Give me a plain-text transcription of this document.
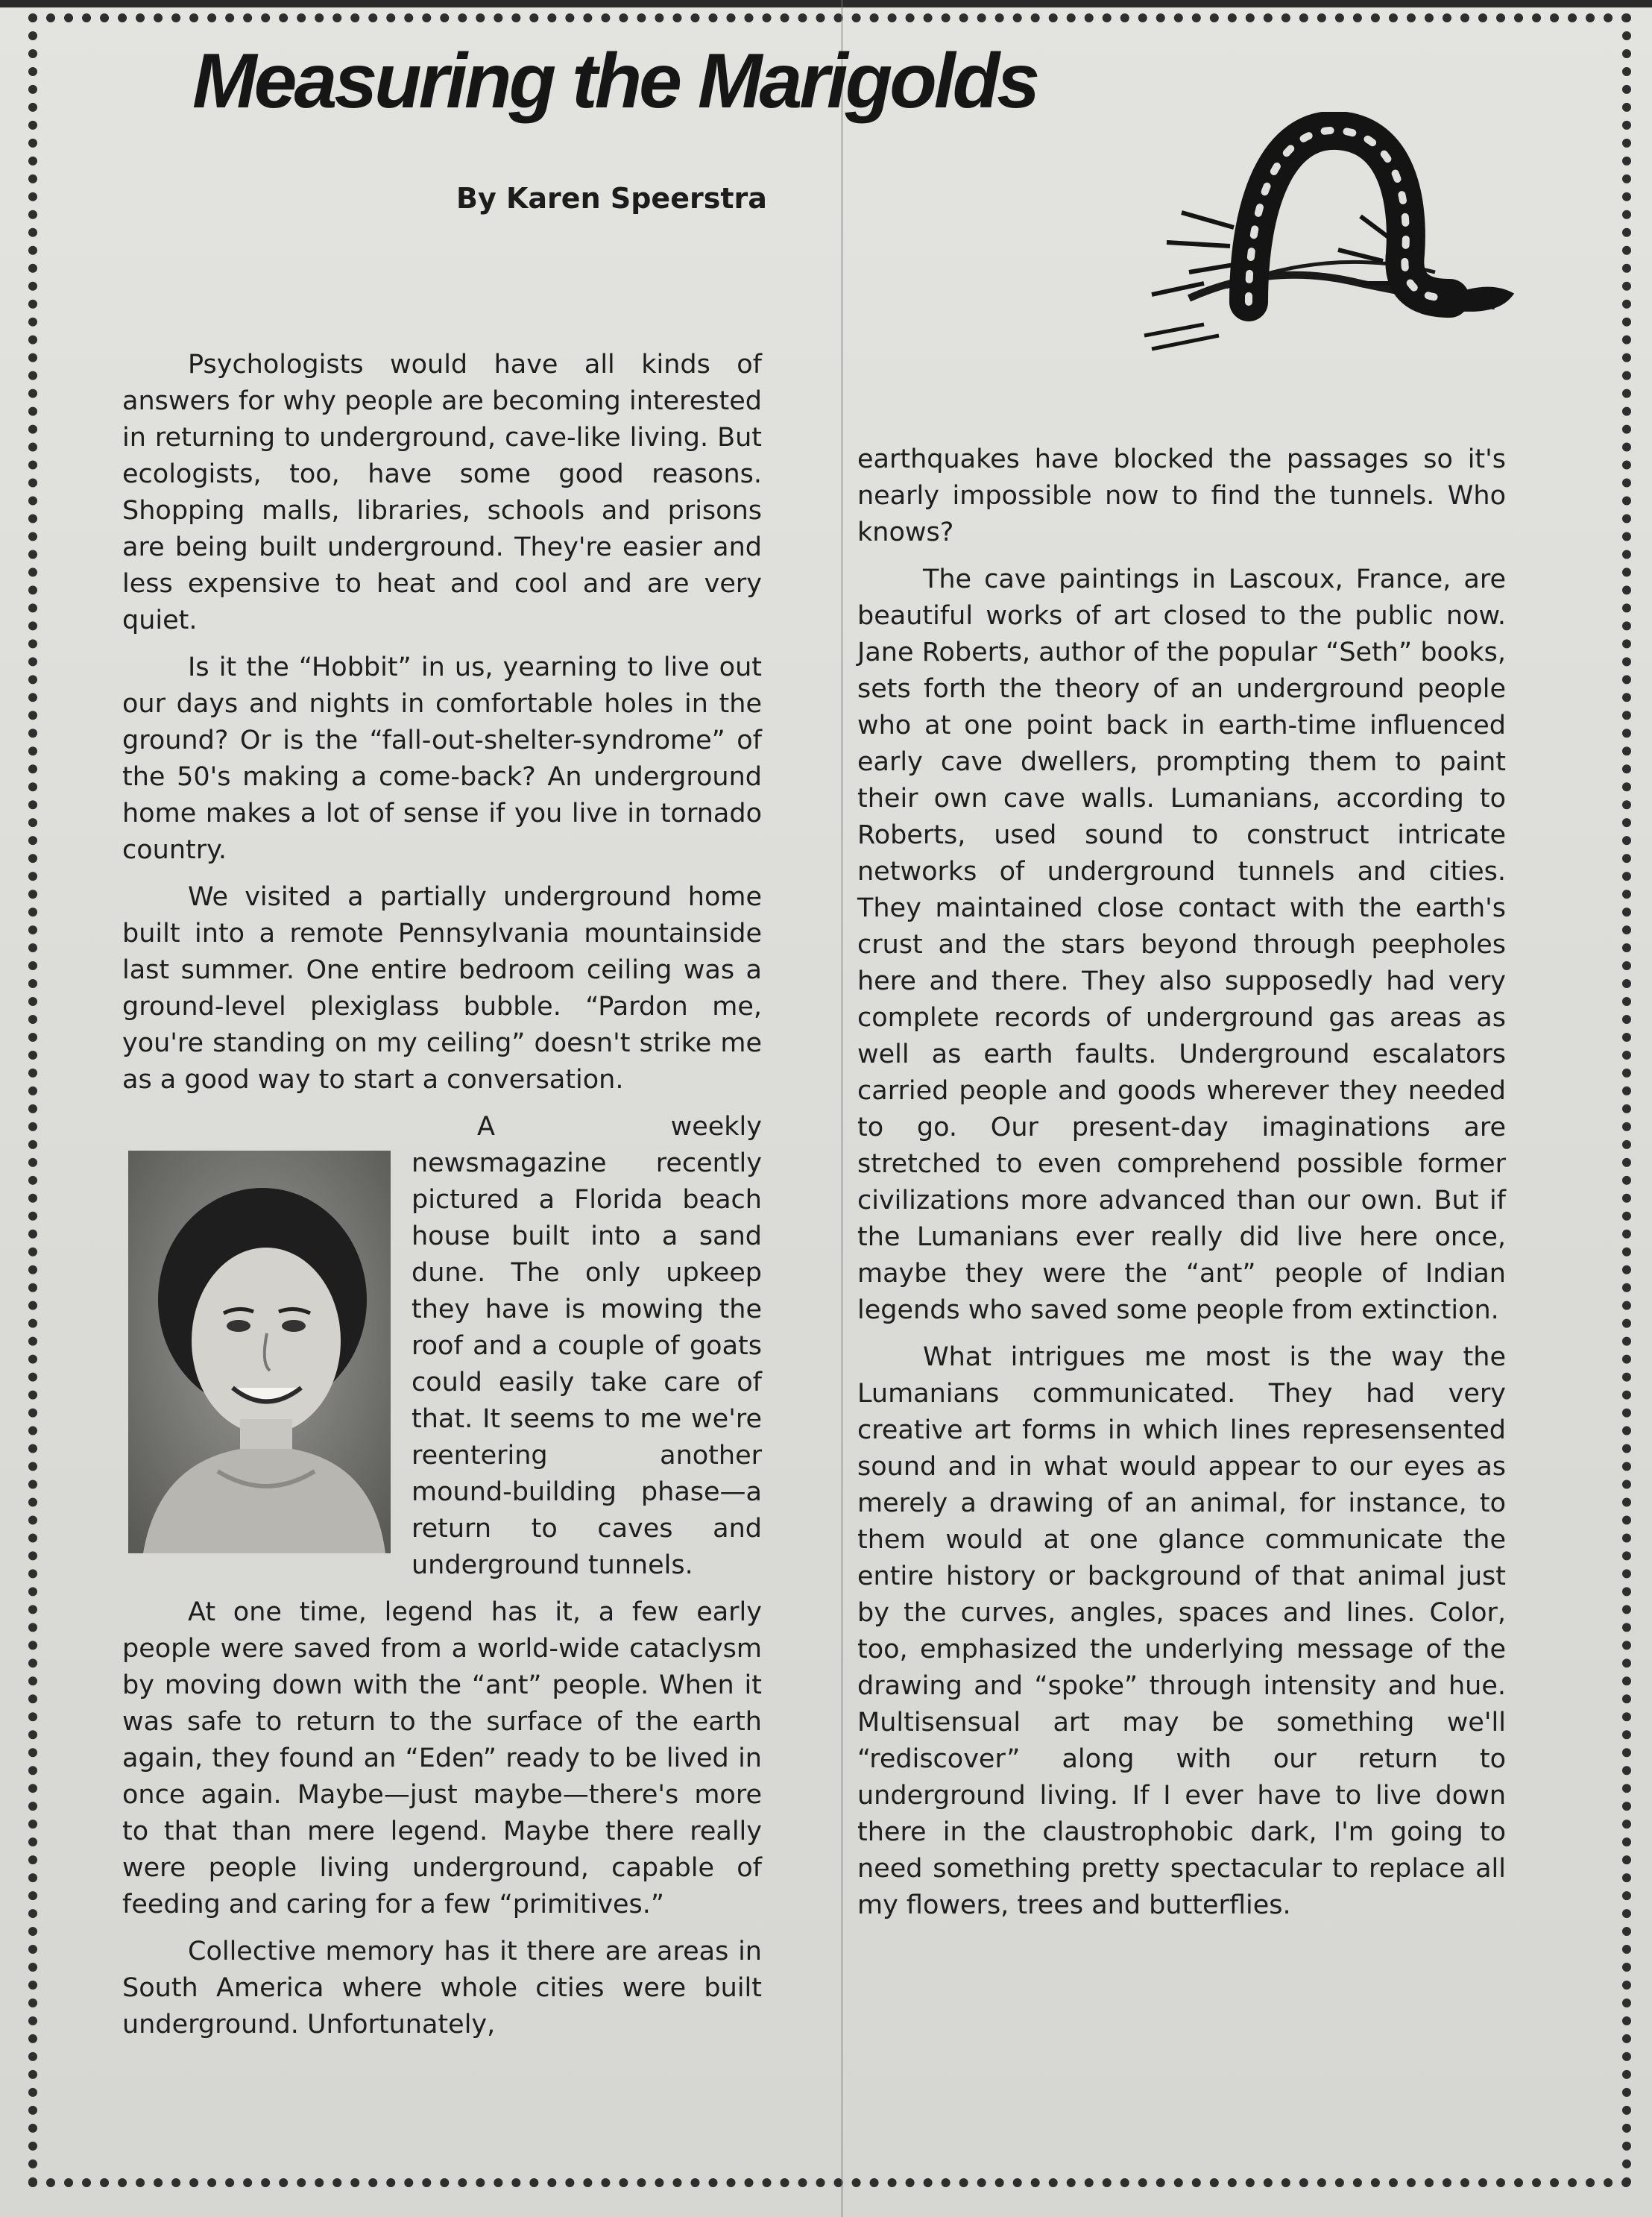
Measuring the Marigolds
By Karen Speerstra

Psychologists would have all kinds of answers for why people are becoming interested in returning to underground, cave-like living. But ecologists, too, have some good reasons. Shopping malls, libraries, schools and prisons are being built underground. They're easier and less expensive to heat and cool and are very quiet.

Is it the “Hobbit” in us, yearning to live out our days and nights in comfortable holes in the ground? Or is the “fall-out-shelter-syndrome” of the 50's making a come-back? An underground home makes a lot of sense if you live in tornado country.

We visited a partially underground home built into a remote Pennsylvania mountainside last summer. One entire bedroom ceiling was a ground-level plexiglass bubble. “Pardon me, you're standing on my ceiling” doesn't strike me as a good way to start a conversation.

A weekly newsmagazine recently pictured a Florida beach house built into a sand dune. The only upkeep they have is mowing the roof and a couple of goats could easily take care of that. It seems to me we're reentering another mound-building phase—a return to caves and underground tunnels.

At one time, legend has it, a few early people were saved from a world-wide cataclysm by moving down with the “ant” people. When it was safe to return to the surface of the earth again, they found an “Eden” ready to be lived in once again. Maybe—just maybe—there's more to that than mere legend. Maybe there really were people living underground, capable of feeding and caring for a few “primitives.”

Collective memory has it there are areas in South America where whole cities were built underground. Unfortunately,

earthquakes have blocked the passages so it's nearly impossible now to find the tunnels. Who knows?

The cave paintings in Lascoux, France, are beautiful works of art closed to the public now. Jane Roberts, author of the popular “Seth” books, sets forth the theory of an underground people who at one point back in earth-time influenced early cave dwellers, prompting them to paint their own cave walls. Lumanians, according to Roberts, used sound to construct intricate networks of underground tunnels and cities. They maintained close contact with the earth's crust and the stars beyond through peepholes here and there. They also supposedly had very complete records of underground gas areas as well as earth faults. Underground escalators carried people and goods wherever they needed to go. Our present-day imaginations are stretched to even comprehend possible former civilizations more advanced than our own. But if the Lumanians ever really did live here once, maybe they were the “ant” people of Indian legends who saved some people from extinction.

What intrigues me most is the way the Lumanians communicated. They had very creative art forms in which lines represensented sound and in what would appear to our eyes as merely a drawing of an animal, for instance, to them would at one glance communicate the entire history or background of that animal just by the curves, angles, spaces and lines. Color, too, emphasized the underlying message of the drawing and “spoke” through intensity and hue. Multisensual art may be something we'll “rediscover” along with our return to underground living. If I ever have to live down there in the claustrophobic dark, I'm going to need something pretty spectacular to replace all my flowers, trees and butterflies.
